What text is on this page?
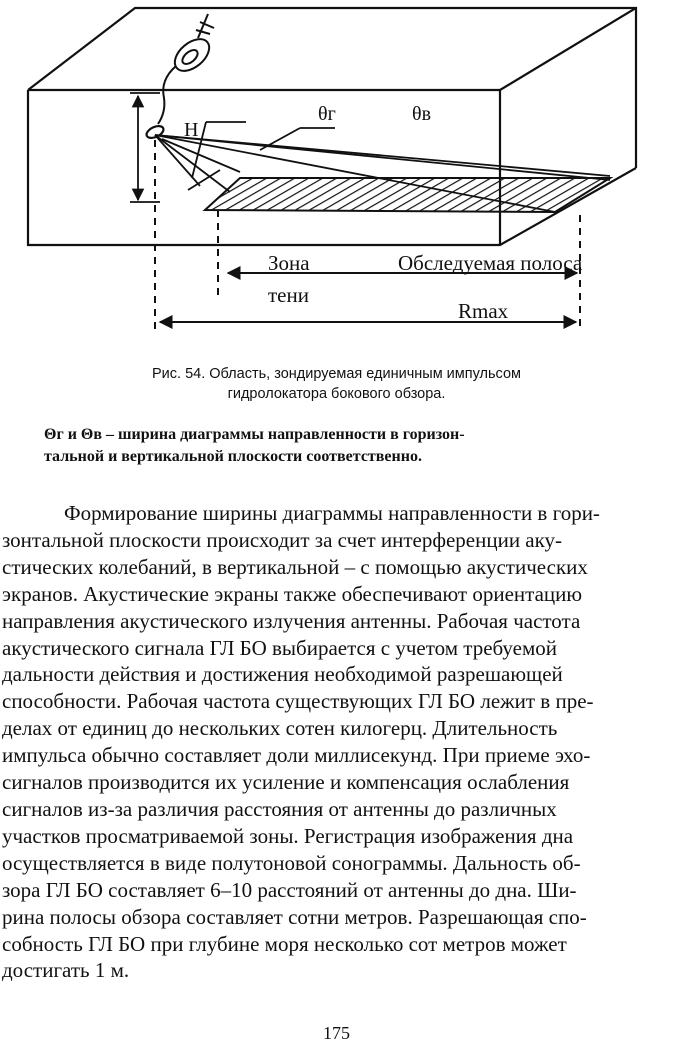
H
θг	θв
Зона
тени
Обследуемая полоса
Rmax
Рис. 54. Область, зондируемая единичным импульсом
гидролокатора бокового обзора.
Θг и Θв – ширина диаграммы направленности в горизон-
тальной и вертикальной плоскости соответственно.
Формирование ширины диаграммы направленности в гори-
зонтальной плоскости происходит за счет интерференции аку-
стических колебаний, в вертикальной – с помощью акустических
экранов. Акустические экраны также обеспечивают ориентацию
направления акустического излучения антенны. Рабочая частота
акустического сигнала ГЛ БО выбирается с учетом требуемой
дальности действия и достижения необходимой разрешающей
способности. Рабочая частота существующих ГЛ БО лежит в пре-
делах от единиц до нескольких сотен килогерц. Длительность
импульса обычно составляет доли миллисекунд. При приеме эхо-
сигналов производится их усиление и компенсация ослабления
сигналов из-за различия расстояния от антенны до различных
участков просматриваемой зоны. Регистрация изображения дна
осуществляется в виде полутоновой сонограммы. Дальность об-
зора ГЛ БО составляет 6–10 расстояний от антенны до дна. Ши-
рина полосы обзора составляет сотни метров. Разрешающая спо-
собность ГЛ БО при глубине моря несколько сот метров может
достигать 1 м.
175
